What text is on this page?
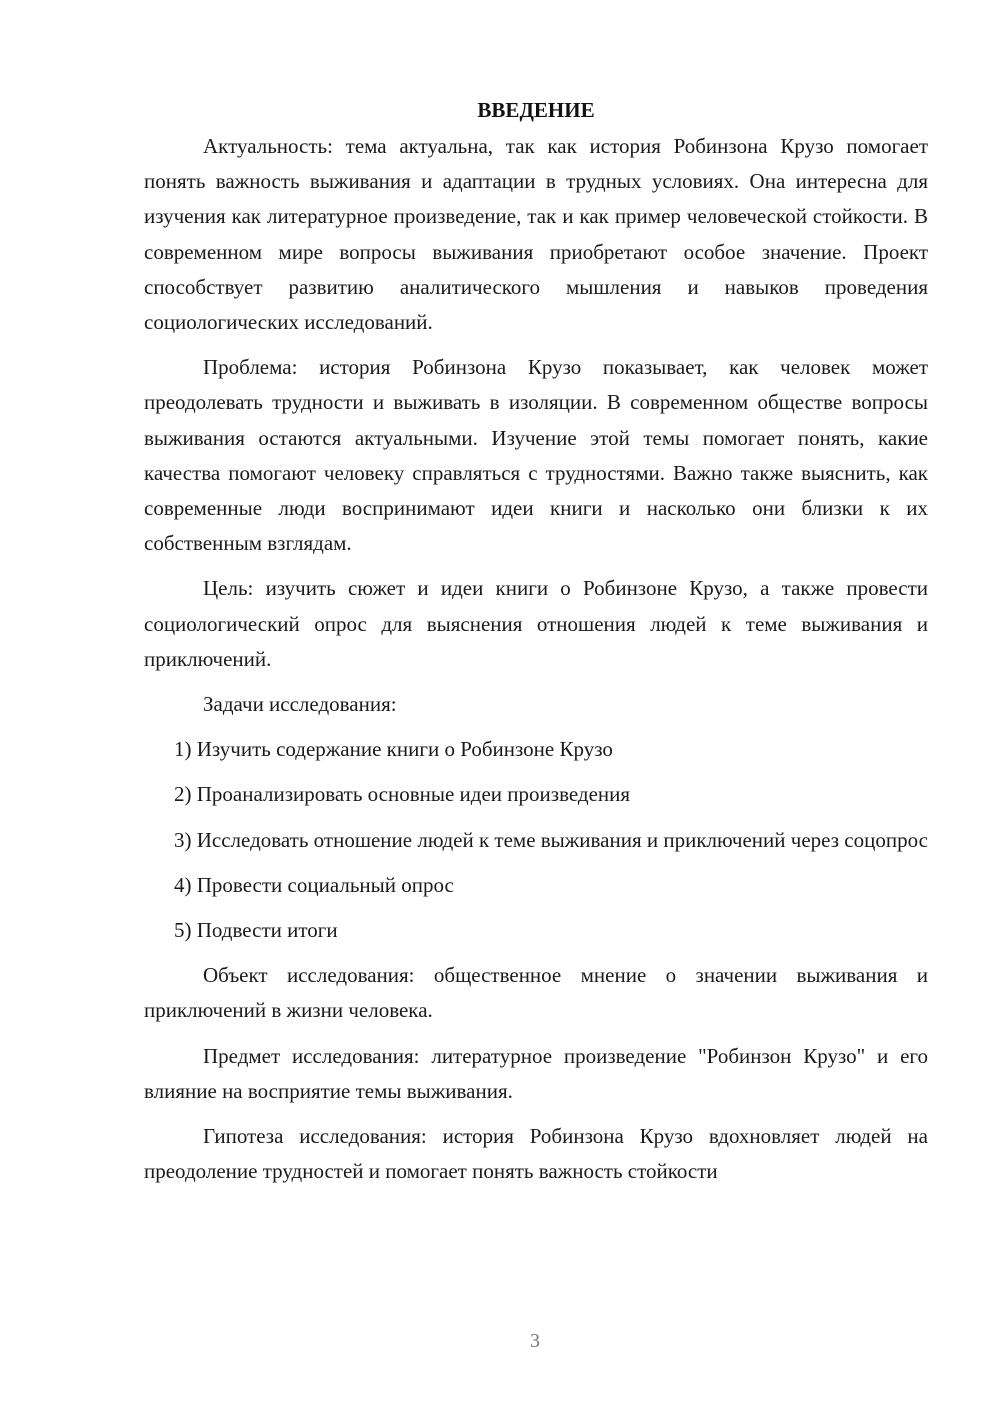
ВВЕДЕНИЕ

Актуальность: тема актуальна, так как история Робинзона Крузо помогает понять важность выживания и адаптации в трудных условиях. Она интересна для изучения как литературное произведение, так и как пример человеческой стойкости. В современном мире вопросы выживания приобретают особое значение. Проект способствует развитию аналитического мышления и навыков проведения социологических исследований.

Проблема: история Робинзона Крузо показывает, как человек может преодолевать трудности и выживать в изоляции. В современном обществе вопросы выживания остаются актуальными. Изучение этой темы помогает понять, какие качества помогают человеку справляться с трудностями. Важно также выяснить, как современные люди воспринимают идеи книги и насколько они близки к их собственным взглядам.

Цель: изучить сюжет и идеи книги о Робинзоне Крузо, а также провести социологический опрос для выяснения отношения людей к теме выживания и приключений.

Задачи исследования:

1) Изучить содержание книги о Робинзоне Крузо

2) Проанализировать основные идеи произведения

3) Исследовать отношение людей к теме выживания и приключений через соцопрос

4) Провести социальный опрос

5) Подвести итоги

Объект исследования: общественное мнение о значении выживания и приключений в жизни человека.

Предмет исследования: литературное произведение "Робинзон Крузо" и его влияние на восприятие темы выживания.

Гипотеза исследования: история Робинзона Крузо вдохновляет людей на преодоление трудностей и помогает понять важность стойкости

3
